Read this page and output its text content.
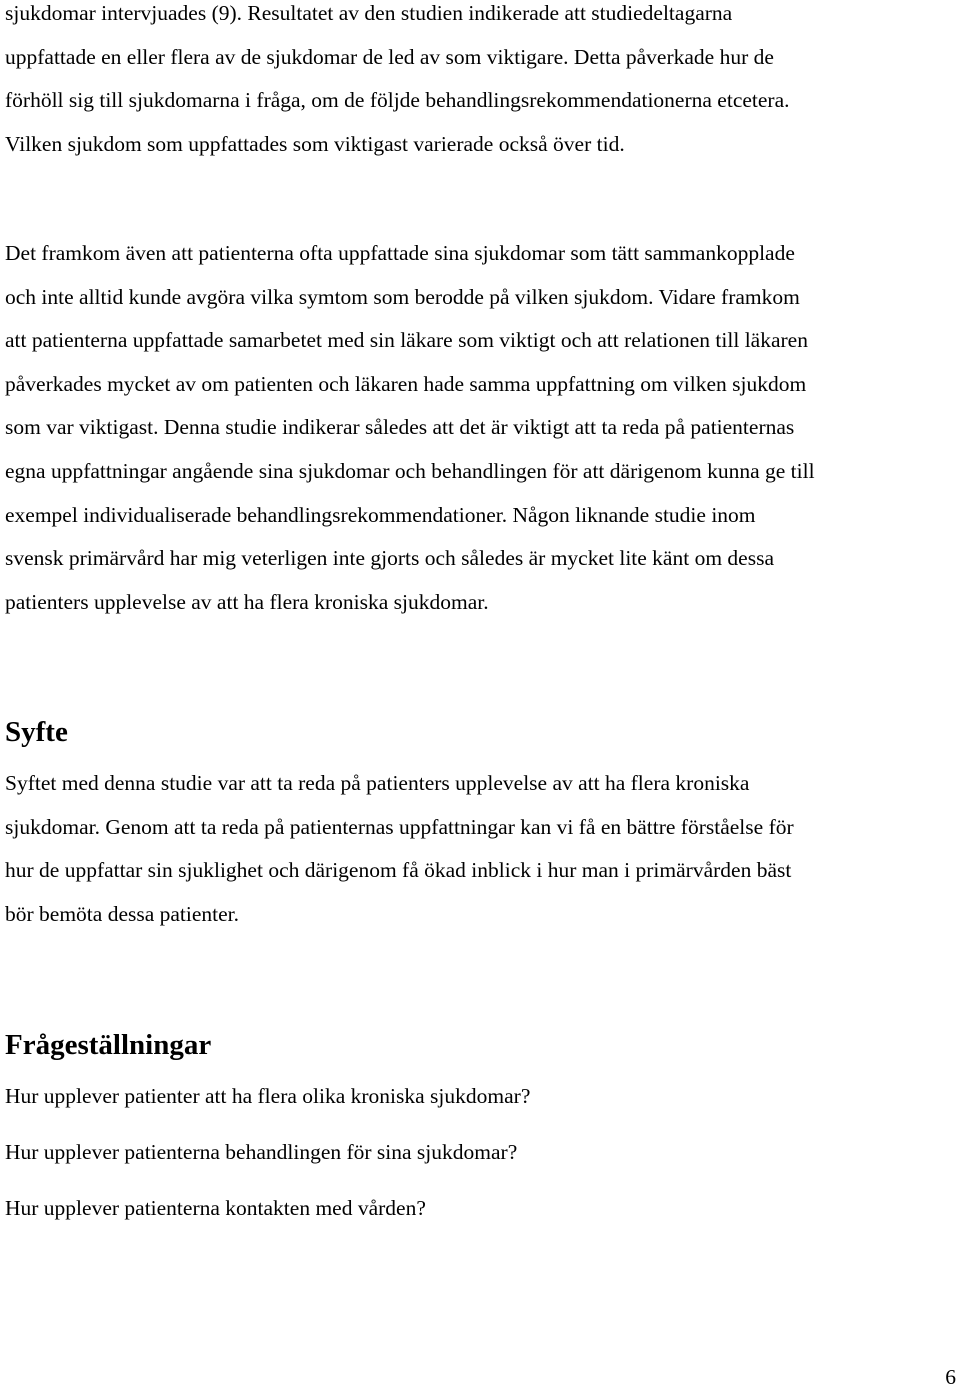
sjukdomar intervjuades (9). Resultatet av den studien indikerade att studiedeltagarna
uppfattade en eller flera av de sjukdomar de led av som viktigare. Detta påverkade hur de
förhöll sig till sjukdomarna i fråga, om de följde behandlingsrekommendationerna etcetera.
Vilken sjukdom som uppfattades som viktigast varierade också över tid.

Det framkom även att patienterna ofta uppfattade sina sjukdomar som tätt sammankopplade
och inte alltid kunde avgöra vilka symtom som berodde på vilken sjukdom. Vidare framkom
att patienterna uppfattade samarbetet med sin läkare som viktigt och att relationen till läkaren
påverkades mycket av om patienten och läkaren hade samma uppfattning om vilken sjukdom
som var viktigast. Denna studie indikerar således att det är viktigt att ta reda på patienternas
egna uppfattningar angående sina sjukdomar och behandlingen för att därigenom kunna ge till
exempel individualiserade behandlingsrekommendationer. Någon liknande studie inom
svensk primärvård har mig veterligen inte gjorts och således är mycket lite känt om dessa
patienters upplevelse av att ha flera kroniska sjukdomar.

Syfte

Syftet med denna studie var att ta reda på patienters upplevelse av att ha flera kroniska
sjukdomar. Genom att ta reda på patienternas uppfattningar kan vi få en bättre förståelse för
hur de uppfattar sin sjuklighet och därigenom få ökad inblick i hur man i primärvården bäst
bör bemöta dessa patienter.

Frågeställningar

Hur upplever patienter att ha flera olika kroniska sjukdomar?

Hur upplever patienterna behandlingen för sina sjukdomar?

Hur upplever patienterna kontakten med vården?

6
